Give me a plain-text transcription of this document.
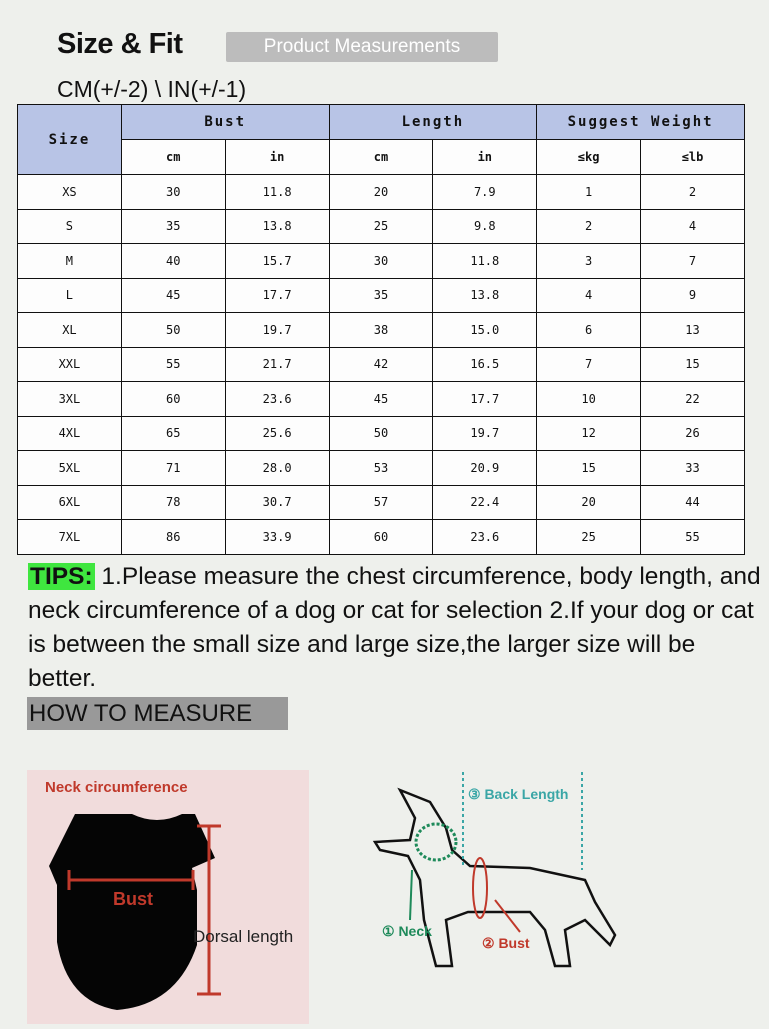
Size & Fit	Product Measurements
CM(+/-2) \ IN(+/-1)
Size	Bust		Length		Suggest Weight	
	cm	in	cm	in	≤kg	≤lb
XS	30	11.8	20	7.9	1	2
S	35	13.8	25	9.8	2	4
M	40	15.7	30	11.8	3	7
L	45	17.7	35	13.8	4	9
XL	50	19.7	38	15.0	6	13
XXL	55	21.7	42	16.5	7	15
3XL	60	23.6	45	17.7	10	22
4XL	65	25.6	50	19.7	12	26
5XL	71	28.0	53	20.9	15	33
6XL	78	30.7	57	22.4	20	44
7XL	86	33.9	60	23.6	25	55
TIPS: 1.Please measure the chest circumference, body length, and neck circumference of a dog or cat for selection 2.If your dog or cat is between the small size and large size,the larger size will be better.
HOW TO MEASURE
Neck circumference
Bust
Dorsal length
③ Back Length
① Neck
② Bust
